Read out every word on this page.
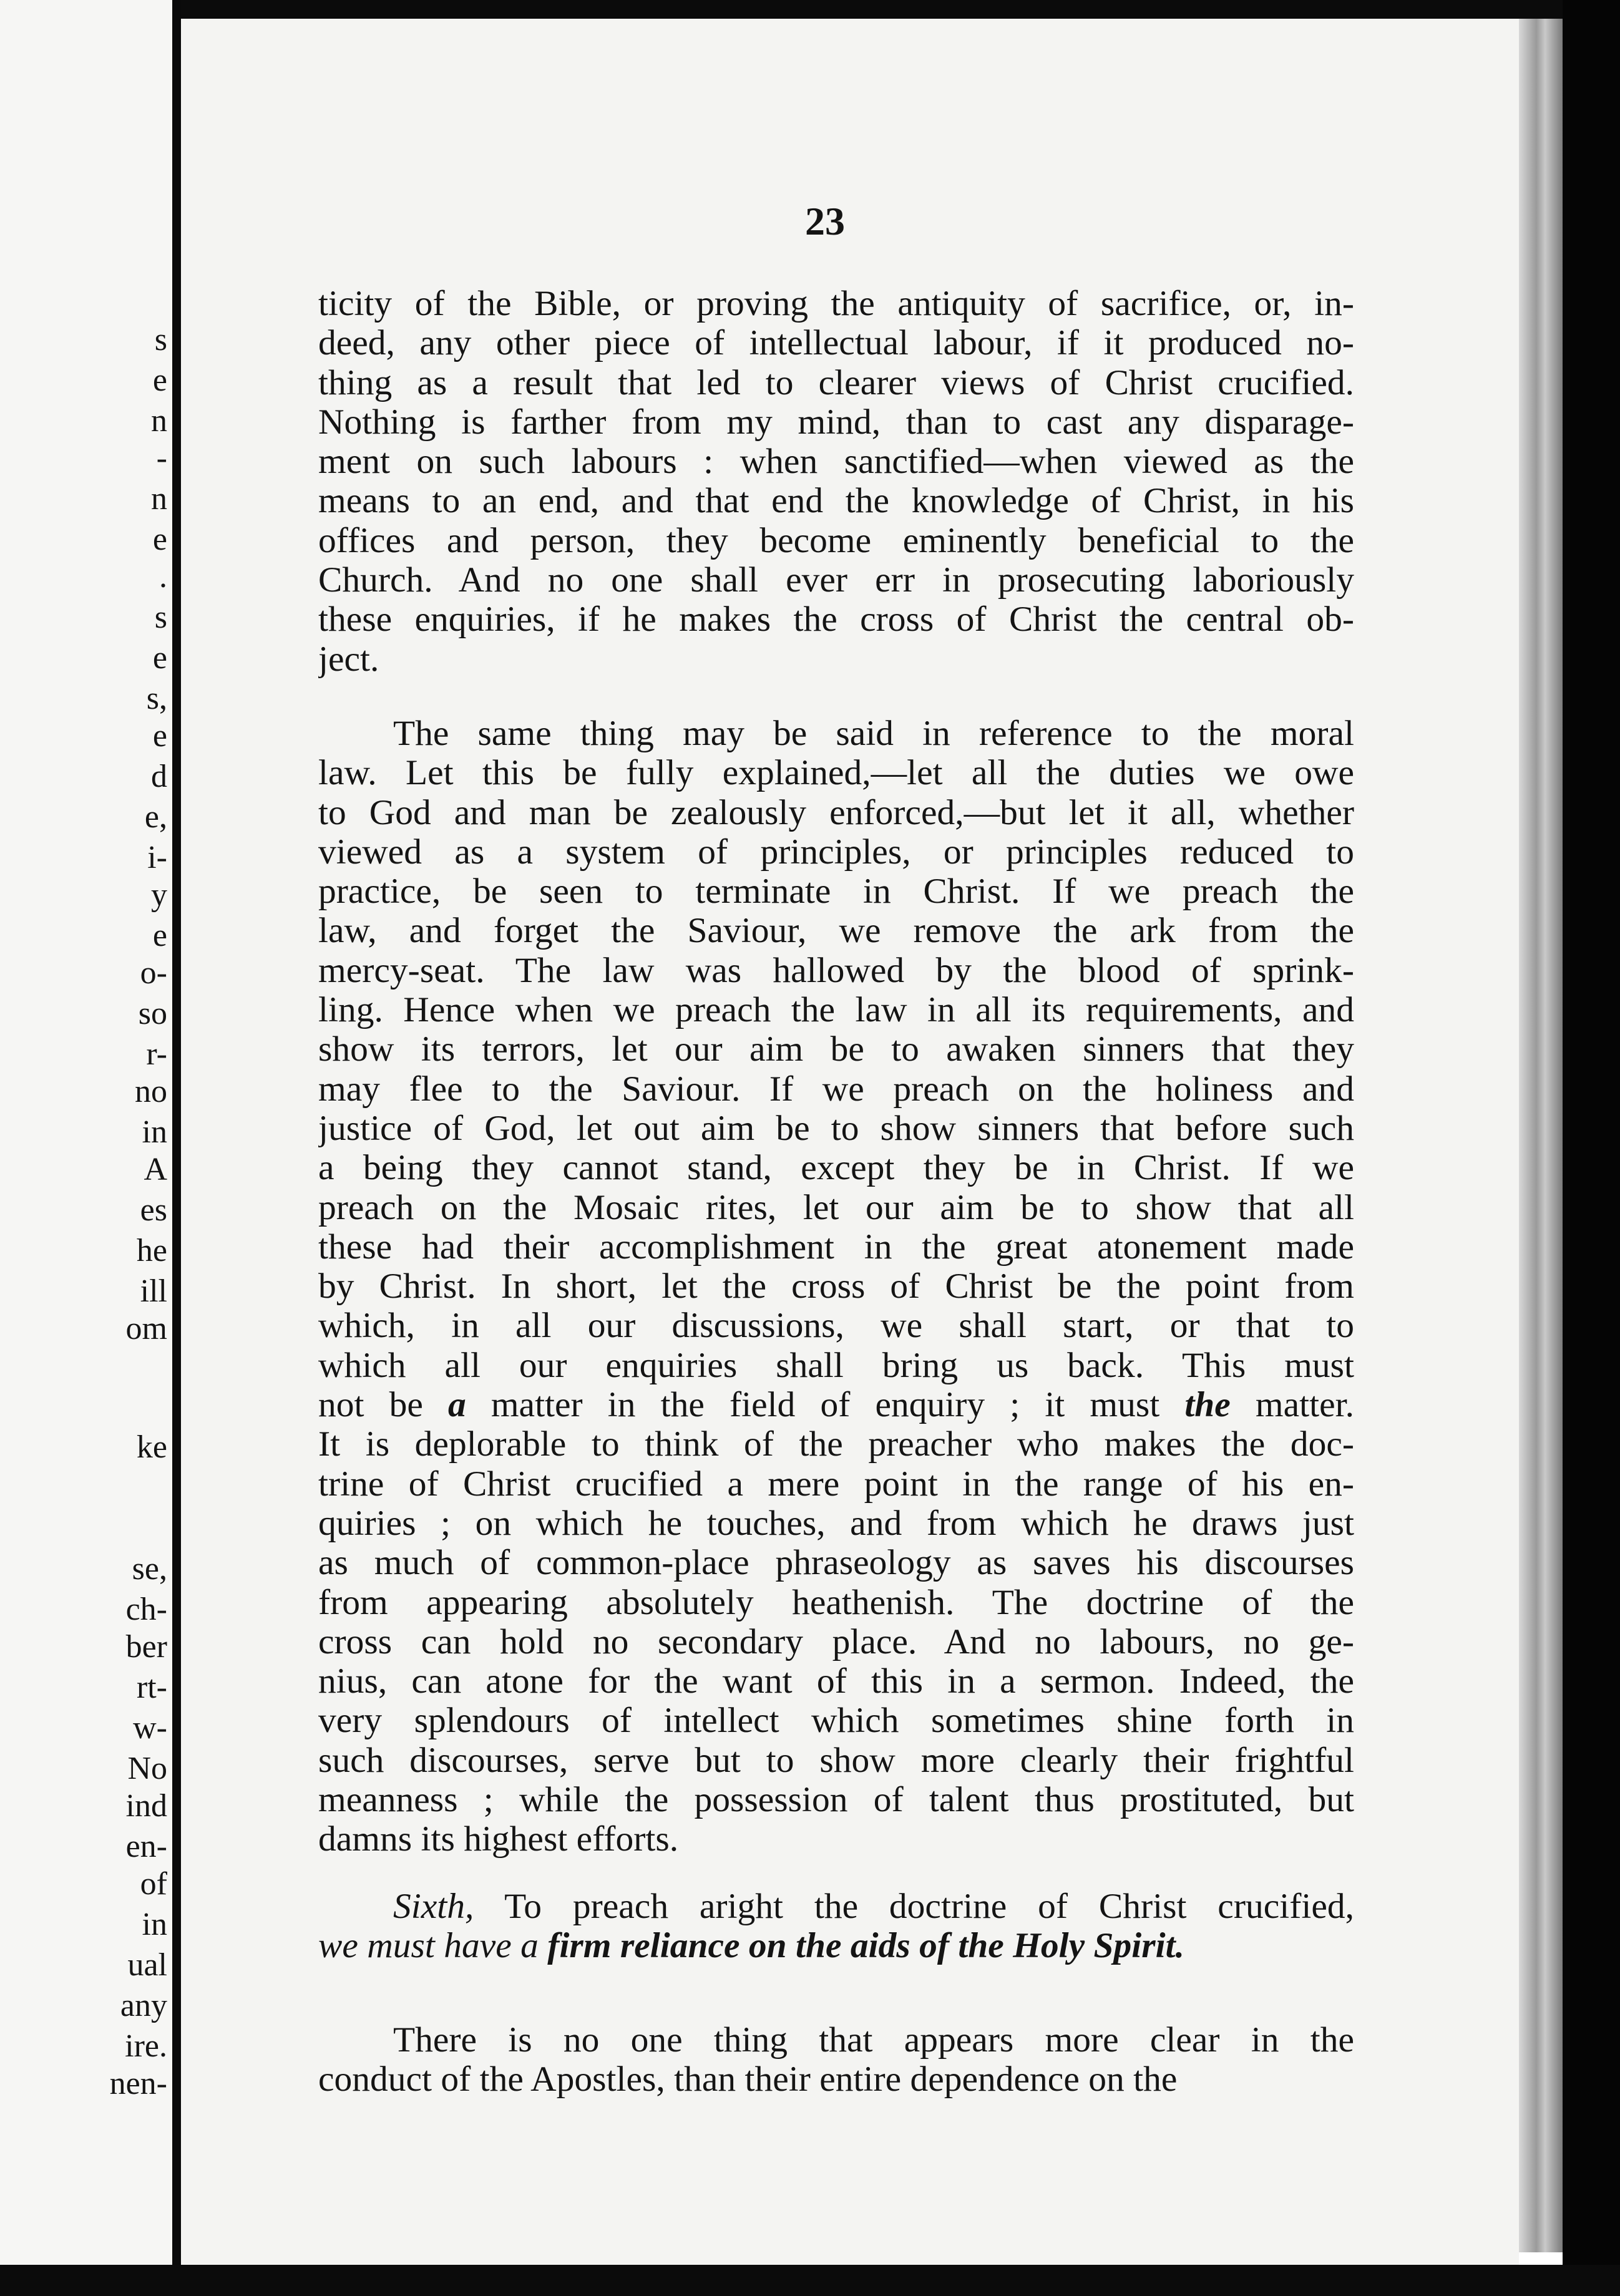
s
e
n
-
n
e
.
s
e
s,
e
d
e,
i-
y
e
o-
so
r-
no
in
A
es
he
ill
om
ke
se,
ch-
ber
rt-
w-
No
ind
en-
of
in
ual
any
ire.
nen-
23
ticity of the Bible, or proving the antiquity of sacrifice, or, in-
deed, any other piece of intellectual labour, if it produced no-
thing as a result that led to clearer views of Christ crucified.
Nothing is farther from my mind, than to cast any disparage-
ment on such labours : when sanctified—when viewed as the
means to an end, and that end the knowledge of Christ, in his
offices and person, they become eminently beneficial to the
Church. And no one shall ever err in prosecuting laboriously
these enquiries, if he makes the cross of Christ the central ob-
ject.
The same thing may be said in reference to the moral
law. Let this be fully explained,—let all the duties we owe
to God and man be zealously enforced,—but let it all, whether
viewed as a system of principles, or principles reduced to
practice, be seen to terminate in Christ. If we preach the
law, and forget the Saviour, we remove the ark from the
mercy-seat. The law was hallowed by the blood of sprink-
ling. Hence when we preach the law in all its requirements, and
show its terrors, let our aim be to awaken sinners that they
may flee to the Saviour. If we preach on the holiness and
justice of God, let out aim be to show sinners that before such
a being they cannot stand, except they be in Christ. If we
preach on the Mosaic rites, let our aim be to show that all
these had their accomplishment in the great atonement made
by Christ. In short, let the cross of Christ be the point from
which, in all our discussions, we shall start, or that to
which all our enquiries shall bring us back. This must
not be a matter in the field of enquiry ; it must the matter.
It is deplorable to think of the preacher who makes the doc-
trine of Christ crucified a mere point in the range of his en-
quiries ; on which he touches, and from which he draws just
as much of common-place phraseology as saves his discourses
from appearing absolutely heathenish. The doctrine of the
cross can hold no secondary place. And no labours, no ge-
nius, can atone for the want of this in a sermon. Indeed, the
very splendours of intellect which sometimes shine forth in
such discourses, serve but to show more clearly their frightful
meanness ; while the possession of talent thus prostituted, but
damns its highest efforts.
Sixth, To preach aright the doctrine of Christ crucified,
we must have a firm reliance on the aids of the Holy Spirit.
There is no one thing that appears more clear in the
conduct of the Apostles, than their entire dependence on the
